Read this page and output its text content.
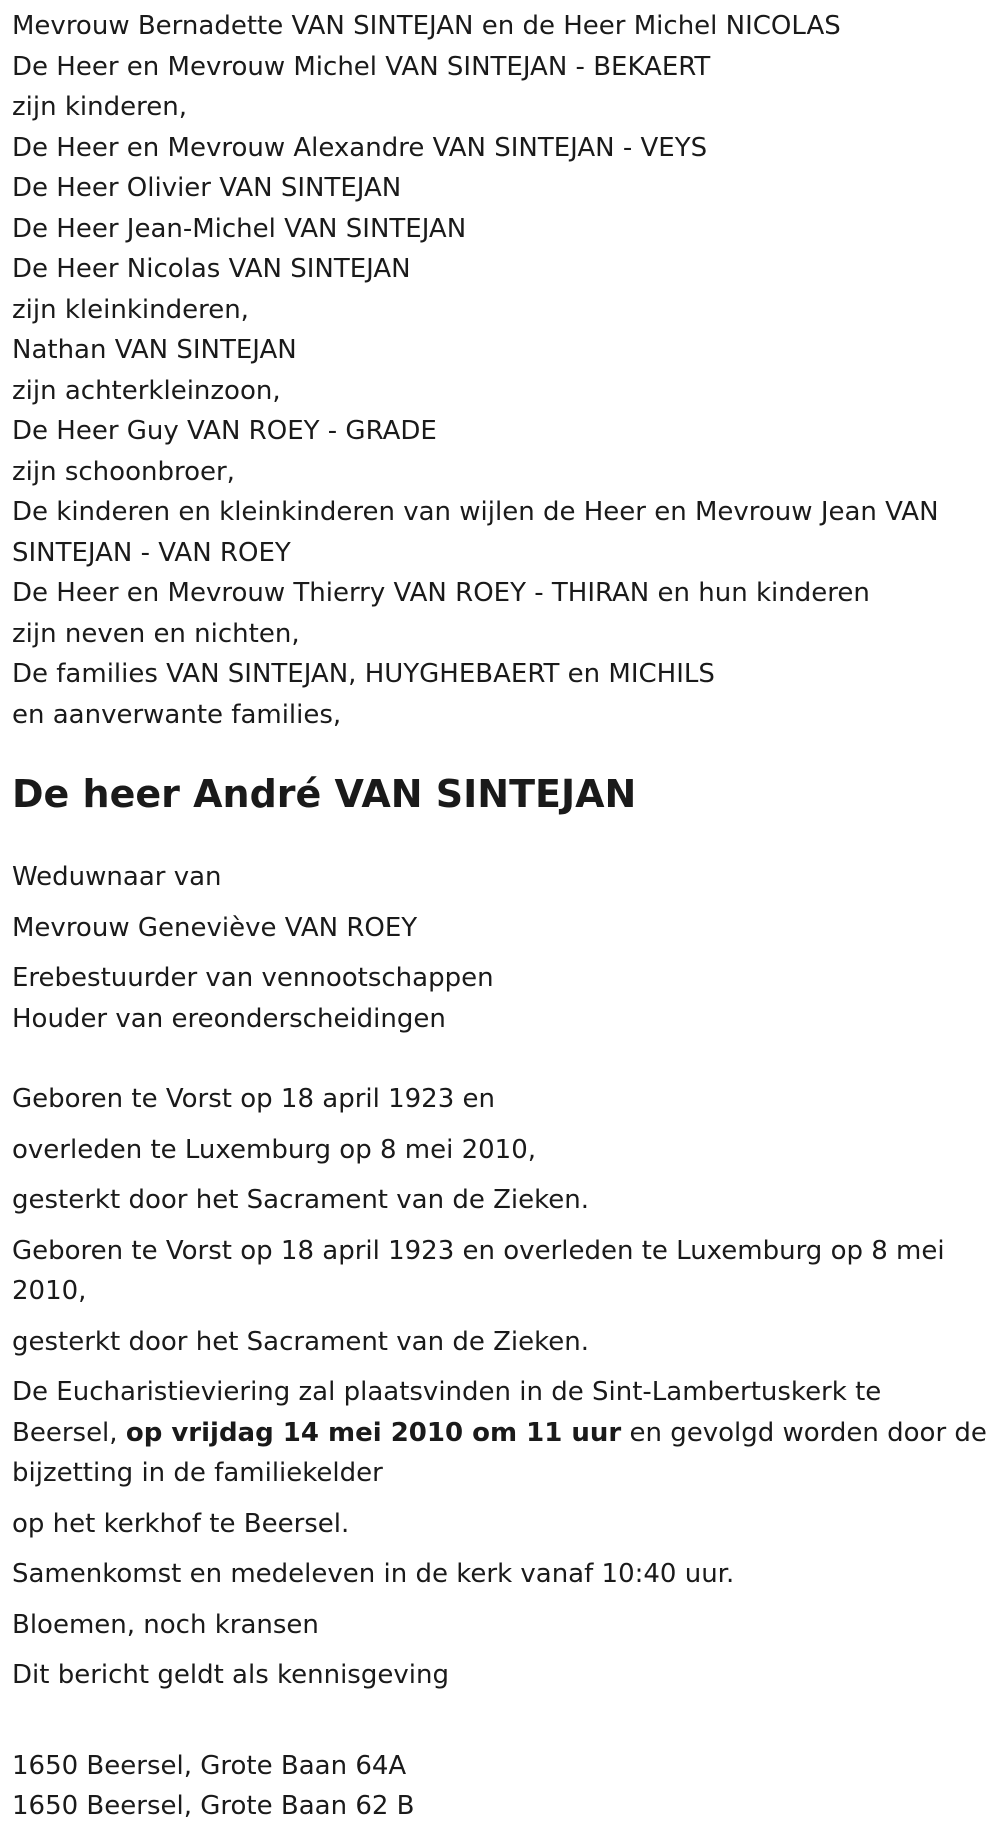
Mevrouw Bernadette VAN SINTEJAN en de Heer Michel NICOLAS
De Heer en Mevrouw Michel VAN SINTEJAN - BEKAERT
zijn kinderen,
De Heer en Mevrouw Alexandre VAN SINTEJAN - VEYS
De Heer Olivier VAN SINTEJAN
De Heer Jean-Michel VAN SINTEJAN
De Heer Nicolas VAN SINTEJAN
zijn kleinkinderen,
Nathan VAN SINTEJAN
zijn achterkleinzoon,
De Heer Guy VAN ROEY - GRADE
zijn schoonbroer,
De kinderen en kleinkinderen van wijlen de Heer en Mevrouw Jean VAN
SINTEJAN - VAN ROEY
De Heer en Mevrouw Thierry VAN ROEY - THIRAN en hun kinderen
zijn neven en nichten,
De families VAN SINTEJAN, HUYGHEBAERT en MICHILS
en aanverwante families,
De heer André VAN SINTEJAN
Weduwnaar van
Mevrouw Geneviève VAN ROEY
Erebestuurder van vennootschappen
Houder van ereonderscheidingen
Geboren te Vorst op 18 april 1923 en
overleden te Luxemburg op 8 mei 2010,
gesterkt door het Sacrament van de Zieken.
Geboren te Vorst op 18 april 1923 en overleden te Luxemburg op 8 mei
2010,
gesterkt door het Sacrament van de Zieken.
De Eucharistieviering zal plaatsvinden in de Sint-Lambertuskerk te
Beersel, op vrijdag 14 mei 2010 om 11 uur en gevolgd worden door de
bijzetting in de familiekelder
op het kerkhof te Beersel.
Samenkomst en medeleven in de kerk vanaf 10:40 uur.
Bloemen, noch kransen
Dit bericht geldt als kennisgeving
1650 Beersel, Grote Baan 64A
1650 Beersel, Grote Baan 62 B
